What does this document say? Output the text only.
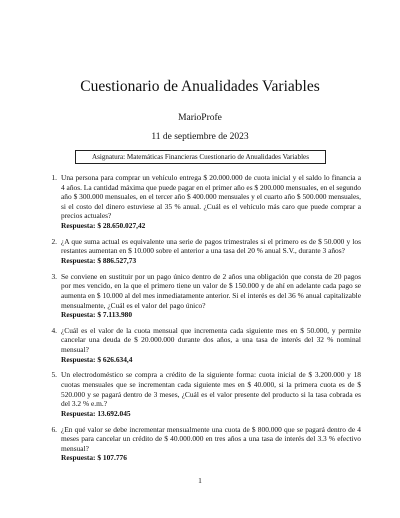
Cuestionario de Anualidades Variables
MarioProfe
11 de septiembre de 2023
Asignatura: Matemáticas Financieras Cuestionario de Anualidades Variables
1. Una persona para comprar un vehículo entrega $ 20.000.000 de cuota inicial y el saldo lo financia a 4 años. La cantidad máxima que puede pagar en el primer año es $ 200.000 mensuales, en el segundo año $ 300.000 mensuales, en el tercer año $ 400.000 mensuales y el cuarto año $ 500.000 mensuales, si el costo del dinero estuviese al 35 % anual. ¿Cuál es el vehículo más caro que puede comprar a precios actuales?

Respuesta: $ 28.650.027,42

2. ¿A que suma actual es equivalente una serie de pagos trimestrales si el primero es de $ 50.000 y los restantes aumentan en $ 10.000 sobre el anterior a una tasa del 20 % anual S.V., durante 3 años?

Respuesta: $ 886.527,73

3. Se conviene en sustituir por un pago único dentro de 2 años una obligación que consta de 20 pagos por mes vencido, en la que el primero tiene un valor de $ 150.000 y de ahí en adelante cada pago se aumenta en $ 10.000 al del mes inmediatamente anterior. Si el interés es del 36 % anual capitalizable mensualmente, ¿Cuál es el valor del pago único?

Respuesta: $ 7.113.980

4. ¿Cuál es el valor de la cuota mensual que incrementa cada siguiente mes en $ 50.000, y permite cancelar una deuda de $ 20.000.000 durante dos años, a una tasa de interés del 32 % nominal mensual?

Respuesta: $ 626.634,4

5. Un electrodoméstico se compra a crédito de la siguiente forma: cuota inicial de $ 3.200.000 y 18 cuotas mensuales que se incrementan cada siguiente mes en $ 40.000, si la primera cuota es de $ 520.000 y se pagará dentro de 3 meses, ¿Cuál es el valor presente del producto si la tasa cobrada es del 3.2 % e.m.?

Respuesta: 13.692.045

6. ¿En qué valor se debe incrementar mensualmente una cuota de $ 800.000 que se pagará dentro de 4 meses para cancelar un crédito de $ 40.000.000 en tres años a una tasa de interés del 3.3 % efectivo mensual?

Respuesta: $ 107.776

1
